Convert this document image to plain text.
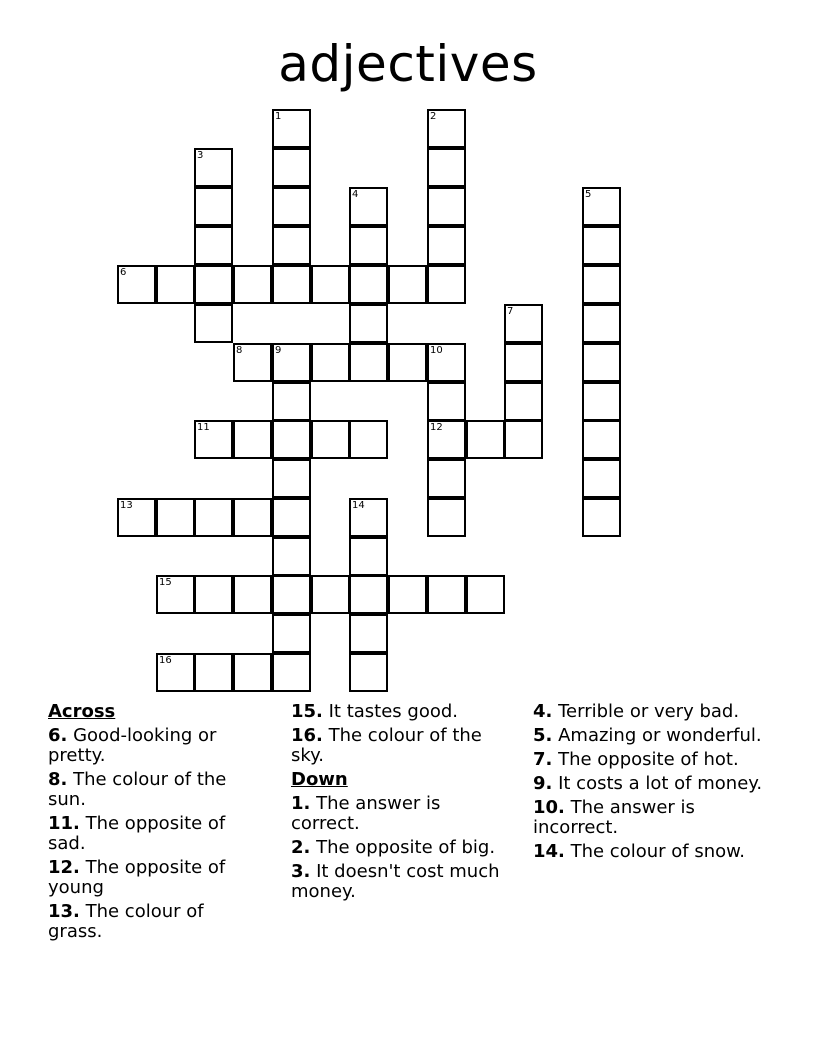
adjectives
1	2
3
4	5
6
7
8	9	10
11	12
13	14
15
16
Across
6. Good-looking or pretty.
8. The colour of the sun.
11. The opposite of sad.
12. The opposite of young
13. The colour of grass.
15. It tastes good.
16. The colour of the sky.
Down
1. The answer is correct.
2. The opposite of big.
3. It doesn't cost much money.
4. Terrible or very bad.
5. Amazing or wonderful.
7. The opposite of hot.
9. It costs a lot of money.
10. The answer is incorrect.
14. The colour of snow.
